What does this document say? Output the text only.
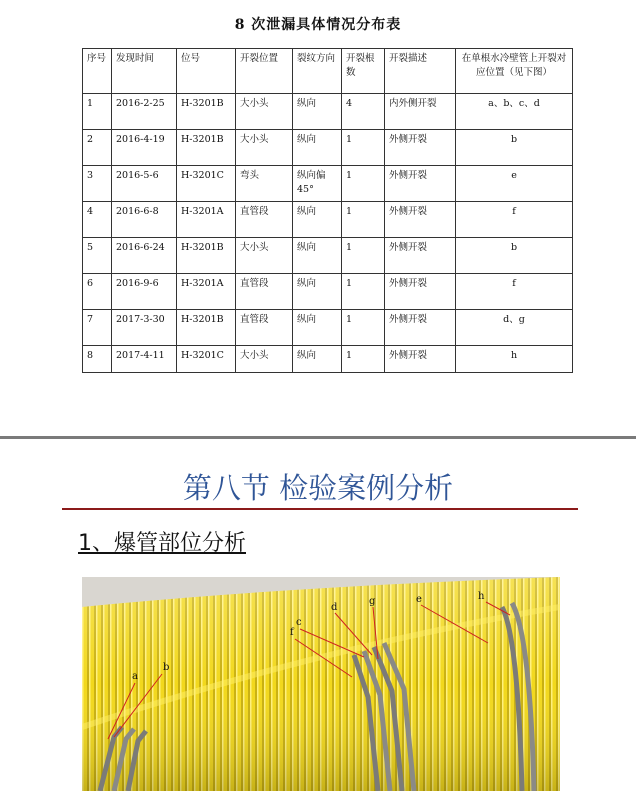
8 次泄漏具体情况分布表
序号	发现时间	位号	开裂位置	裂纹方向	开裂根数	开裂描述	在单根水冷壁管上开裂对应位置（见下图）
1	2016-2-25	H-3201B	大小头	纵向	4	内外侧开裂	a、b、c、d
2	2016-4-19	H-3201B	大小头	纵向	1	外侧开裂	b
3	2016-5-6	H-3201C	弯头	纵向偏45°	1	外侧开裂	e
4	2016-6-8	H-3201A	直管段	纵向	1	外侧开裂	f
5	2016-6-24	H-3201B	大小头	纵向	1	外侧开裂	b
6	2016-9-6	H-3201A	直管段	纵向	1	外侧开裂	f
7	2017-3-30	H-3201B	直管段	纵向	1	外侧开裂	d、g
8	2017-4-11	H-3201C	大小头	纵向	1	外侧开裂	h
第八节 检验案例分析
1、爆管部位分析
a
b
f
c
d
g	e	h
